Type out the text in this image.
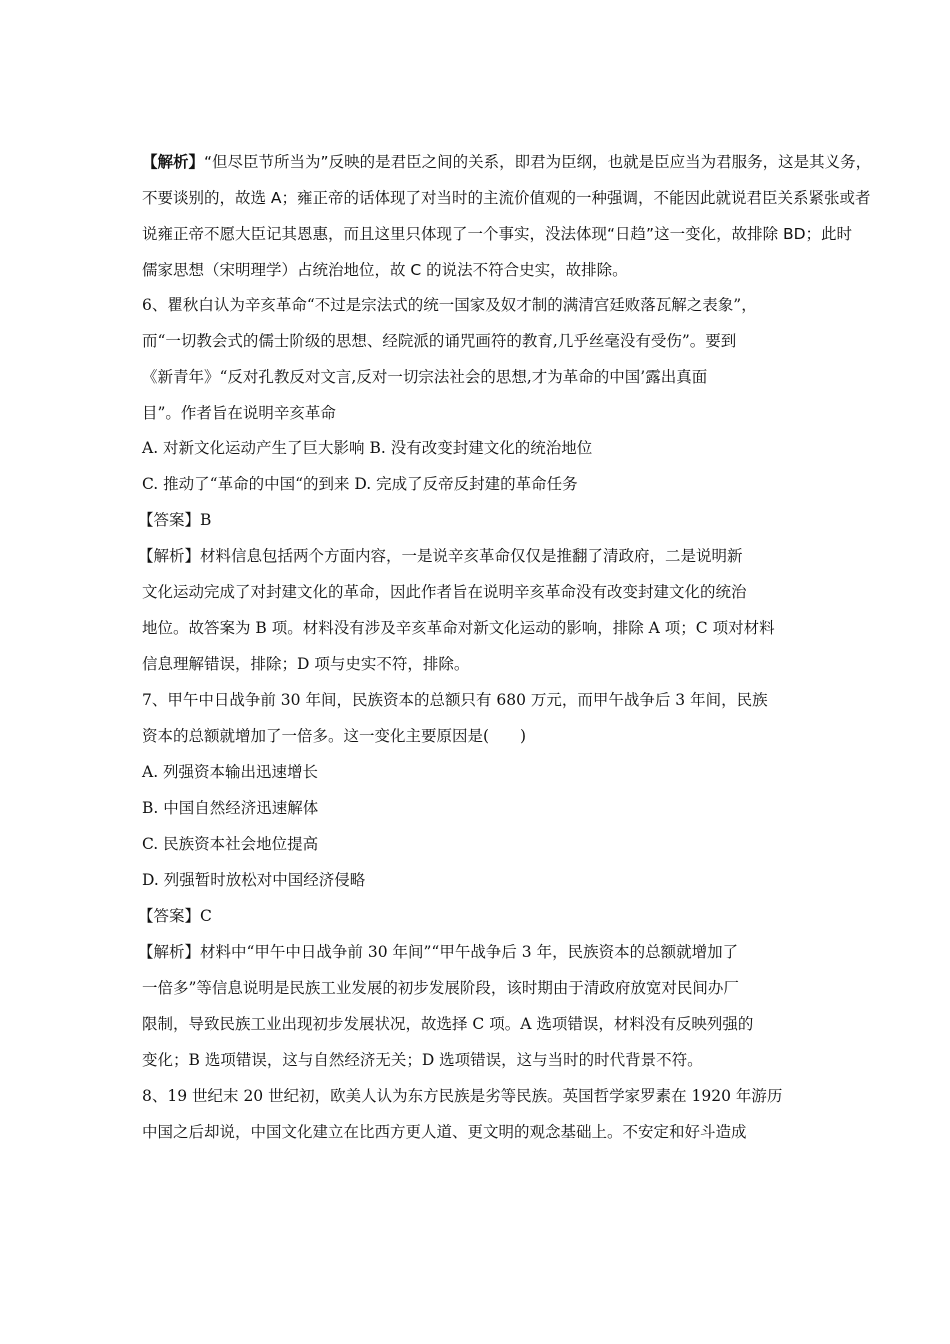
【解析】“但尽臣节所当为”反映的是君臣之间的关系，即君为臣纲，也就是臣应当为君服务，这是其义务，
不要谈别的，故选 A；雍正帝的话体现了对当时的主流价值观的一种强调，不能因此就说君臣关系紧张或者
说雍正帝不愿大臣记其恩惠，而且这里只体现了一个事实，没法体现“日趋”这一变化，故排除 BD；此时
儒家思想（宋明理学）占统治地位，故 C 的说法不符合史实，故排除。
6、瞿秋白认为辛亥革命“不过是宗法式的统一国家及奴才制的满清宫廷败落瓦解之表象”，
而“一切教会式的儒士阶级的思想、经院派的诵咒画符的教育,几乎丝毫没有受伤”。要到
《新青年》“反对孔教反对文言,反对一切宗法社会的思想,才为革命的中国’露出真面
目”。作者旨在说明辛亥革命
A. 对新文化运动产生了巨大影响 B. 没有改变封建文化的统治地位
C. 推动了“革命的中国“的到来 D. 完成了反帝反封建的革命任务
【答案】B
【解析】材料信息包括两个方面内容，一是说辛亥革命仅仅是推翻了清政府，二是说明新
文化运动完成了对封建文化的革命，因此作者旨在说明辛亥革命没有改变封建文化的统治
地位。故答案为 B 项。材料没有涉及辛亥革命对新文化运动的影响，排除 A 项；C 项对材料
信息理解错误，排除；D 项与史实不符，排除。
7、甲午中日战争前 30 年间，民族资本的总额只有 680 万元，而甲午战争后 3 年间，民族
资本的总额就增加了一倍多。这一变化主要原因是(　　)
A. 列强资本输出迅速增长
B. 中国自然经济迅速解体
C. 民族资本社会地位提高
D. 列强暂时放松对中国经济侵略
【答案】C
【解析】材料中“甲午中日战争前 30 年间”“甲午战争后 3 年，民族资本的总额就增加了
一倍多”等信息说明是民族工业发展的初步发展阶段，该时期由于清政府放宽对民间办厂
限制，导致民族工业出现初步发展状况，故选择 C 项。A 选项错误，材料没有反映列强的
变化；B 选项错误，这与自然经济无关；D 选项错误，这与当时的时代背景不符。
8、19 世纪末 20 世纪初，欧美人认为东方民族是劣等民族。英国哲学家罗素在 1920 年游历
中国之后却说，中国文化建立在比西方更人道、更文明的观念基础上。不安定和好斗造成
